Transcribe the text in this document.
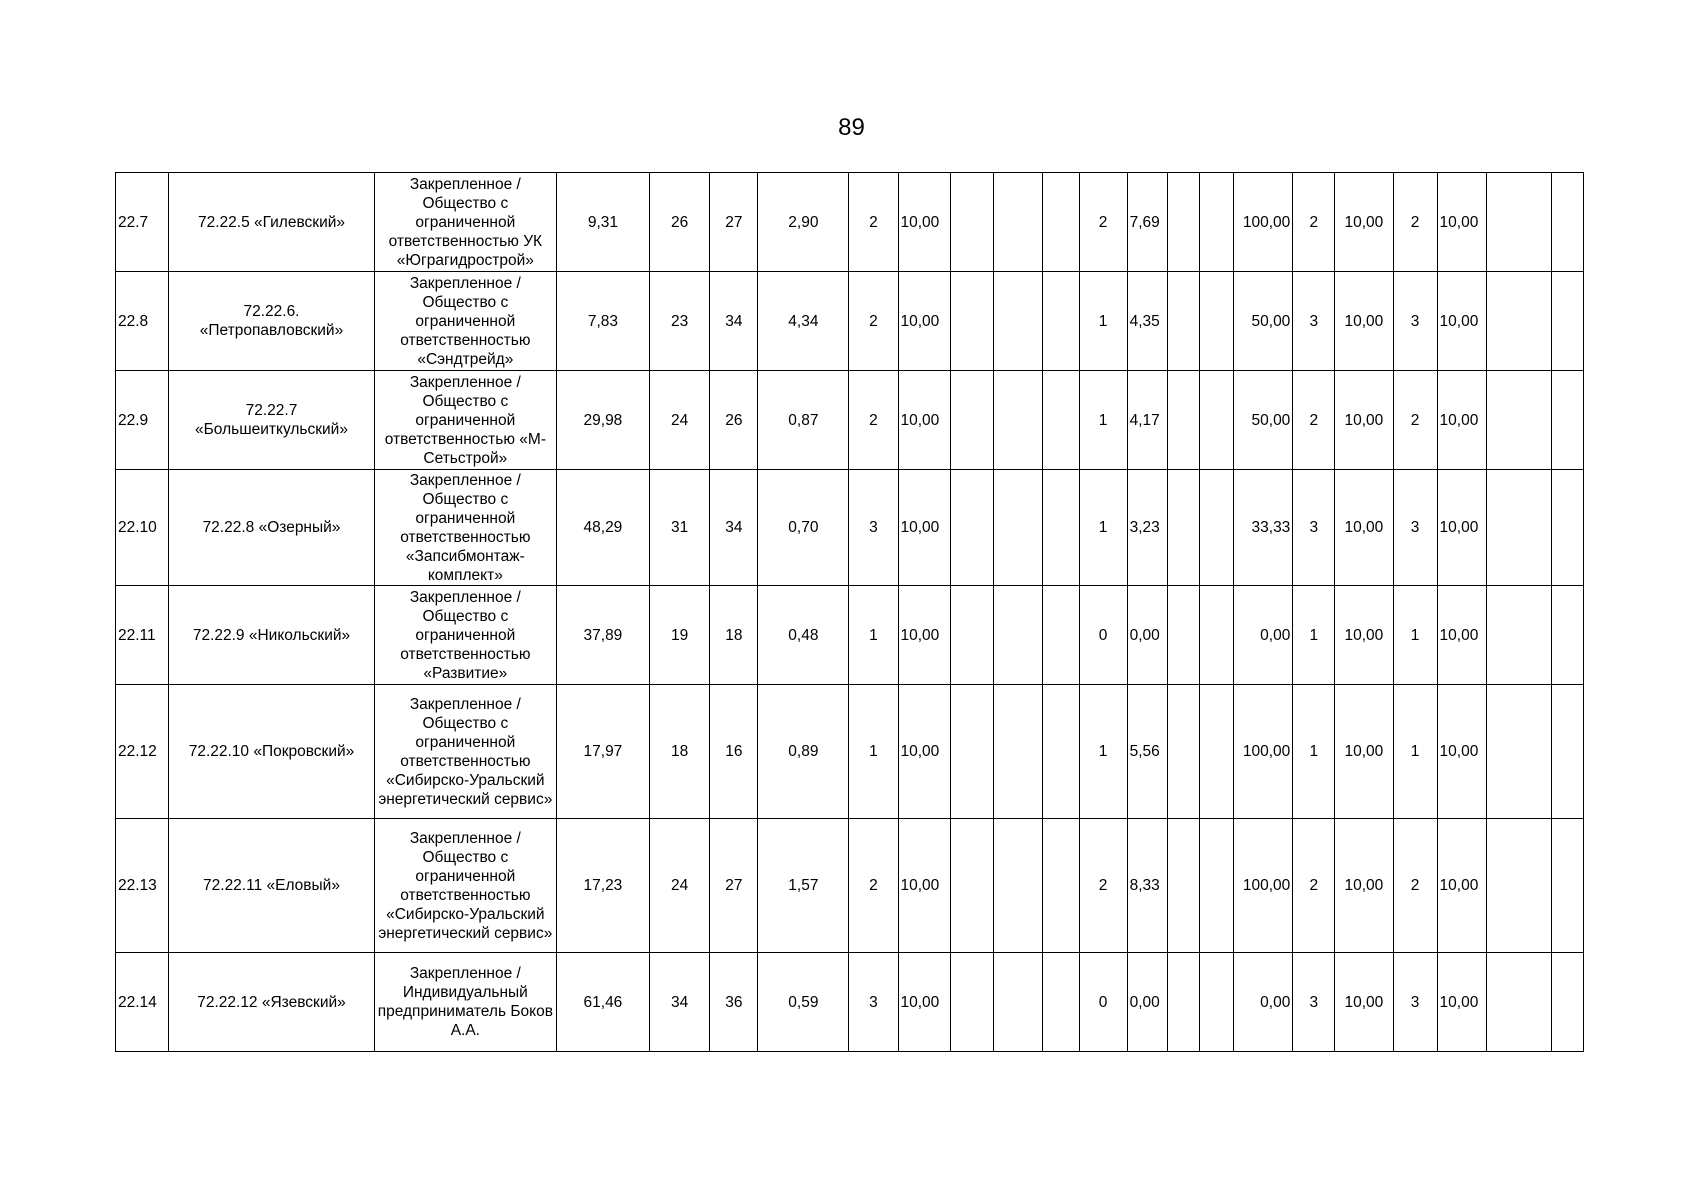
89
22.7	72.22.5 «Гилевский»	Закрепленное / Общество с ограниченной ответственностью УК «Юграгидрострой»	9,31	26	27	2,90	2	10,00				2	7,69			100,00	2	10,00	2	10,00		
22.8	72.22.6. «Петропавловский»	Закрепленное / Общество с ограниченной ответственностью «Сэндтрейд»	7,83	23	34	4,34	2	10,00				1	4,35			50,00	3	10,00	3	10,00		
22.9	72.22.7 «Большеиткульский»	Закрепленное / Общество с ограниченной ответственностью «М-Сетьстрой»	29,98	24	26	0,87	2	10,00				1	4,17			50,00	2	10,00	2	10,00		
22.10	72.22.8 «Озерный»	Закрепленное / Общество с ограниченной ответственностью «Запсибмонтаж-комплект»	48,29	31	34	0,70	3	10,00				1	3,23			33,33	3	10,00	3	10,00		
22.11	72.22.9 «Никольский»	Закрепленное / Общество с ограниченной ответственностью «Развитие»	37,89	19	18	0,48	1	10,00				0	0,00			0,00	1	10,00	1	10,00		
22.12	72.22.10 «Покровский»	Закрепленное / Общество с ограниченной ответственностью «Сибирско-Уральский энергетический сервис»	17,97	18	16	0,89	1	10,00				1	5,56			100,00	1	10,00	1	10,00		
22.13	72.22.11 «Еловый»	Закрепленное / Общество с ограниченной ответственностью «Сибирско-Уральский энергетический сервис»	17,23	24	27	1,57	2	10,00				2	8,33			100,00	2	10,00	2	10,00		
22.14	72.22.12 «Язевский»	Закрепленное / Индивидуальный предприниматель Боков А.А.	61,46	34	36	0,59	3	10,00				0	0,00			0,00	3	10,00	3	10,00		
